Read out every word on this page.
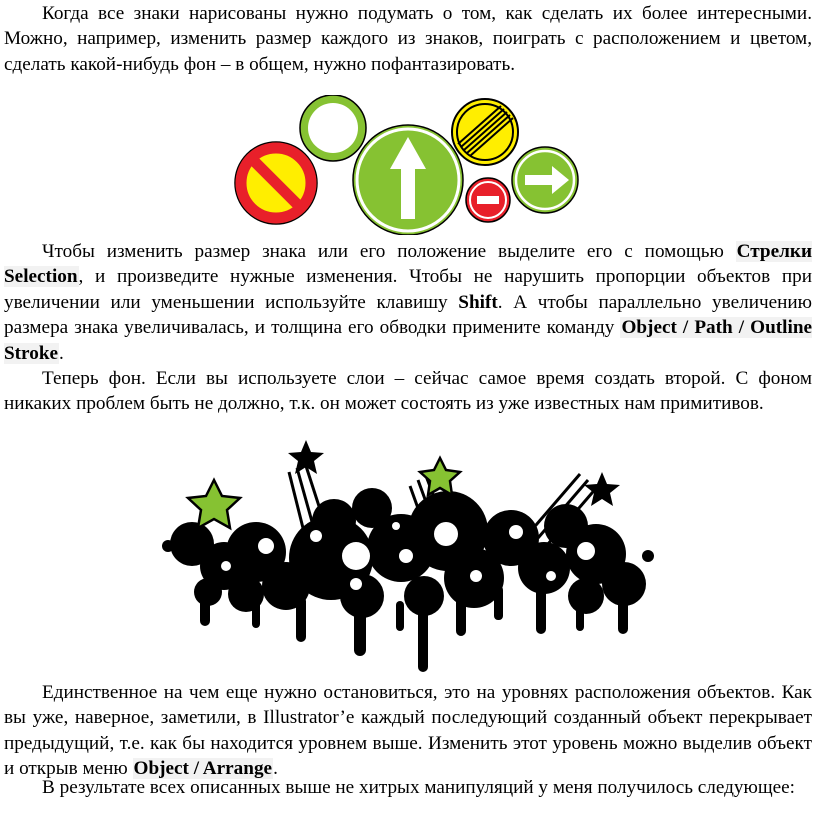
Когда все знаки нарисованы нужно подумать о том, как сделать их более интересными. Можно, например, изменить размер каждого из знаков, поиграть с расположением и цветом, сделать какой-нибудь фон – в общем, нужно пофантазировать.

Чтобы изменить размер знака или его положение выделите его с помощью Стрелки Selection, и произведите нужные изменения. Чтобы не нарушить пропорции объектов при увеличении или уменьшении используйте клавишу Shift. А чтобы параллельно увеличению размера знака увеличивалась, и толщина его обводки примените команду Object / Path / Outline Stroke.

Теперь фон. Если вы используете слои – сейчас самое время создать второй. С фоном никаких проблем быть не должно, т.к. он может состоять из уже известных нам примитивов.

Единственное на чем еще нужно остановиться, это на уровнях расположения объектов. Как вы уже, наверное, заметили, в Illustrator’е каждый последующий созданный объект перекрывает предыдущий, т.е. как бы находится уровнем выше. Изменить этот уровень можно выделив объект и открыв меню Object / Arrange.

В результате всех описанных выше не хитрых манипуляций у меня получилось следующее:
